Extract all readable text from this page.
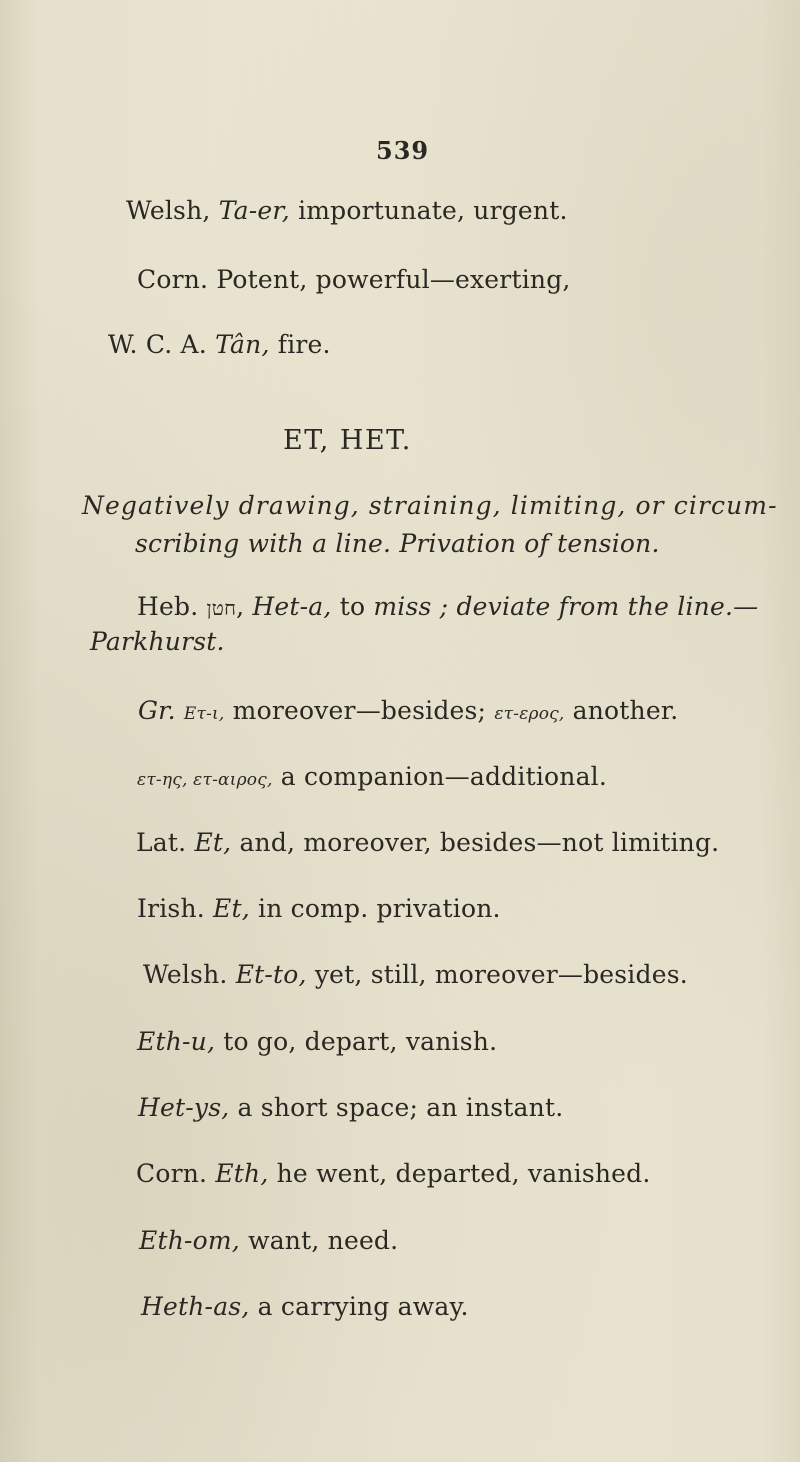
539
Welsh, Ta-er, importunate, urgent.
Corn. Potent, powerful—exerting,
W. C. A. Tân, fire.
ET, HET.
Negatively drawing, straining, limiting, or circum-
scribing with a line. Privation of tension.
Heb. חטן, Het-a, to miss ; deviate from the line.—
Parkhurst.
Gr. Ετ-ι, moreover—besides; ετ-ερος, another.
ετ-ης, ετ-αιρος, a companion—additional.
Lat. Et, and, moreover, besides—not limiting.
Irish. Et, in comp. privation.
Welsh. Et-to, yet, still, moreover—besides.
Eth-u, to go, depart, vanish.
Het-ys, a short space; an instant.
Corn. Eth, he went, departed, vanished.
Eth-om, want, need.
Heth-as, a carrying away.
